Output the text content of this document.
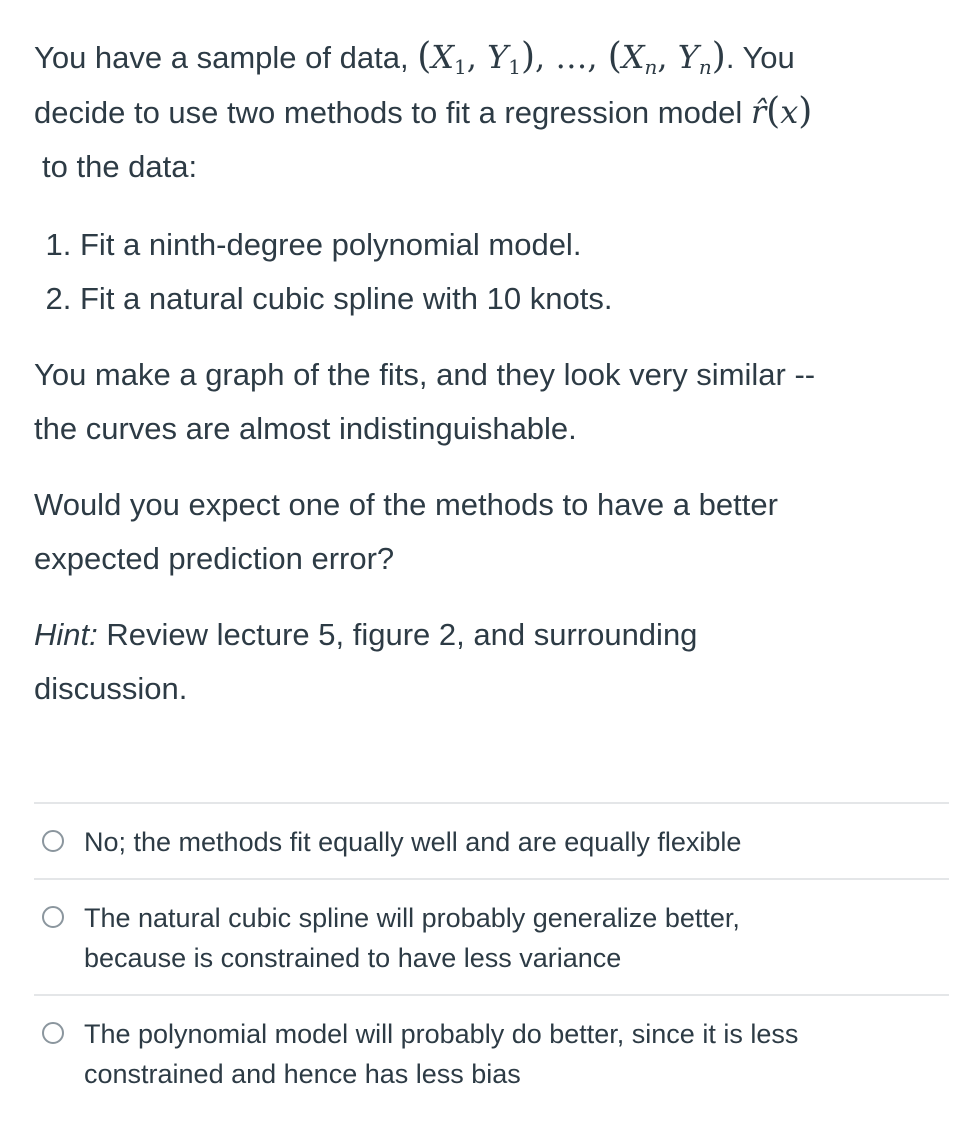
You have a sample of data, ($X_1$, $Y_1$), …, ($X_n$, $Y_n$). You
decide to use two methods to fit a regression model r̂(x)
to the data:

1. Fit a ninth-degree polynomial model.
2. Fit a natural cubic spline with 10 knots.

You make a graph of the fits, and they look very similar --
the curves are almost indistinguishable.

Would you expect one of the methods to have a better
expected prediction error?

Hint: Review lecture 5, figure 2, and surrounding
discussion.

No; the methods fit equally well and are equally flexible
The natural cubic spline will probably generalize better,
because is constrained to have less variance
The polynomial model will probably do better, since it is less
constrained and hence has less bias
